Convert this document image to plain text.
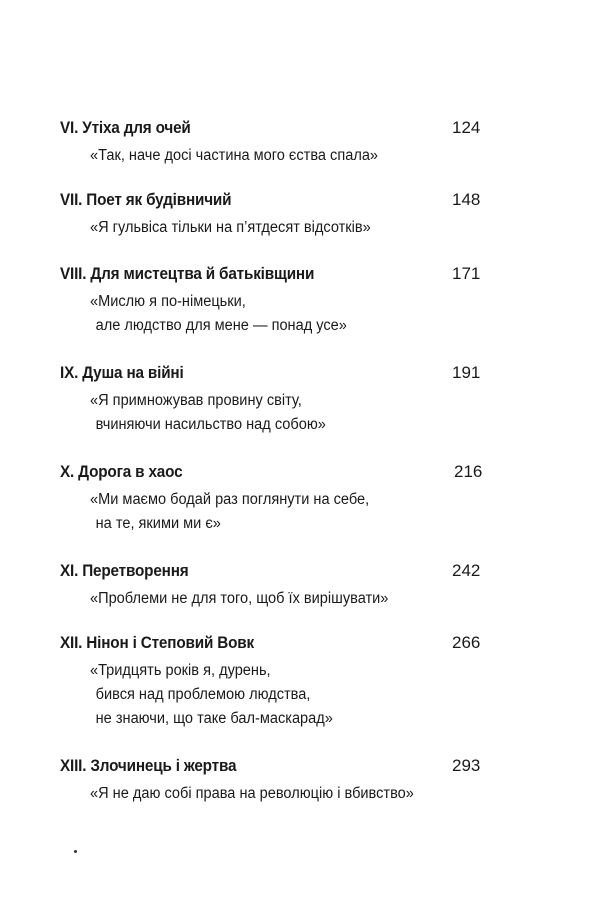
VI. Утіха для очей	124
«Так, наче досі частина мого єства спала»
VII. Поет як будівничий	148
«Я гульвіса тільки на п’ятдесят відсотків»
VIII. Для мистецтва й батьківщини	171
«Мислю я по-німецьки,
але людство для мене — понад усе»
IX. Душа на війні	191
«Я примножував провину світу,
вчиняючи насильство над собою»
X. Дорога в хаос	216
«Ми маємо бодай раз поглянути на себе,
на те, якими ми є»
XI. Перетворення	242
«Проблеми не для того, щоб їх вирішувати»
XII. Нінон і Степовий Вовк	266
«Тридцять років я, дурень,
бився над проблемою людства,
не знаючи, що таке бал-маскарад»
XIII. Злочинець і жертва	293
«Я не даю собі права на революцію і вбивство»
